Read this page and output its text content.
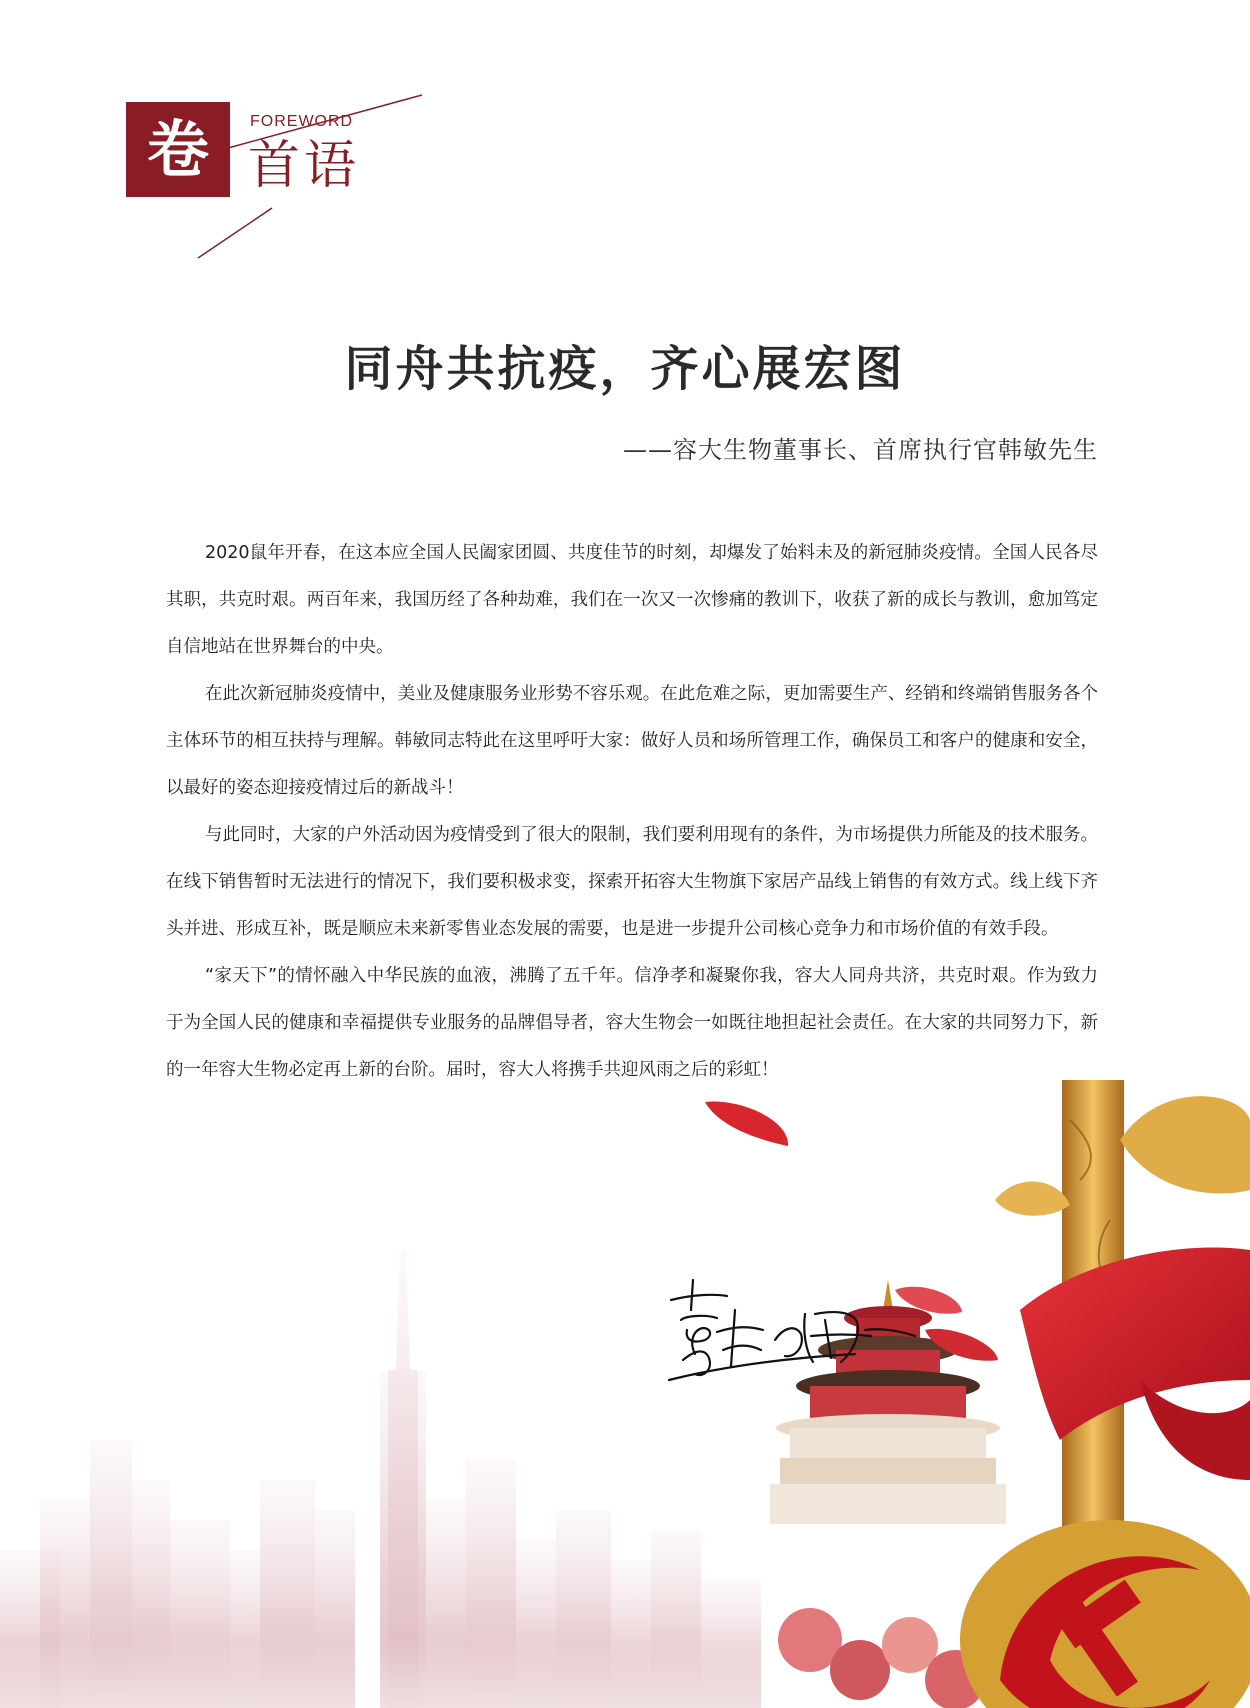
卷	FOREWORD
首语
同舟共抗疫，齐心展宏图
——容大生物董事长、首席执行官韩敏先生

2020鼠年开春，在这本应全国人民阖家团圆、共度佳节的时刻，却爆发了始料未及的新冠肺炎疫情。全国人民各尽其职，共克时艰。两百年来，我国历经了各种劫难，我们在一次又一次惨痛的教训下，收获了新的成长与教训，愈加笃定自信地站在世界舞台的中央。

在此次新冠肺炎疫情中，美业及健康服务业形势不容乐观。在此危难之际，更加需要生产、经销和终端销售服务各个主体环节的相互扶持与理解。韩敏同志特此在这里呼吁大家：做好人员和场所管理工作，确保员工和客户的健康和安全，以最好的姿态迎接疫情过后的新战斗！

与此同时，大家的户外活动因为疫情受到了很大的限制，我们要利用现有的条件，为市场提供力所能及的技术服务。在线下销售暂时无法进行的情况下，我们要积极求变，探索开拓容大生物旗下家居产品线上销售的有效方式。线上线下齐头并进、形成互补，既是顺应未来新零售业态发展的需要，也是进一步提升公司核心竞争力和市场价值的有效手段。

“家天下”的情怀融入中华民族的血液，沸腾了五千年。信净孝和凝聚你我，容大人同舟共济，共克时艰。作为致力于为全国人民的健康和幸福提供专业服务的品牌倡导者，容大生物会一如既往地担起社会责任。在大家的共同努力下，新的一年容大生物必定再上新的台阶。届时，容大人将携手共迎风雨之后的彩虹！
